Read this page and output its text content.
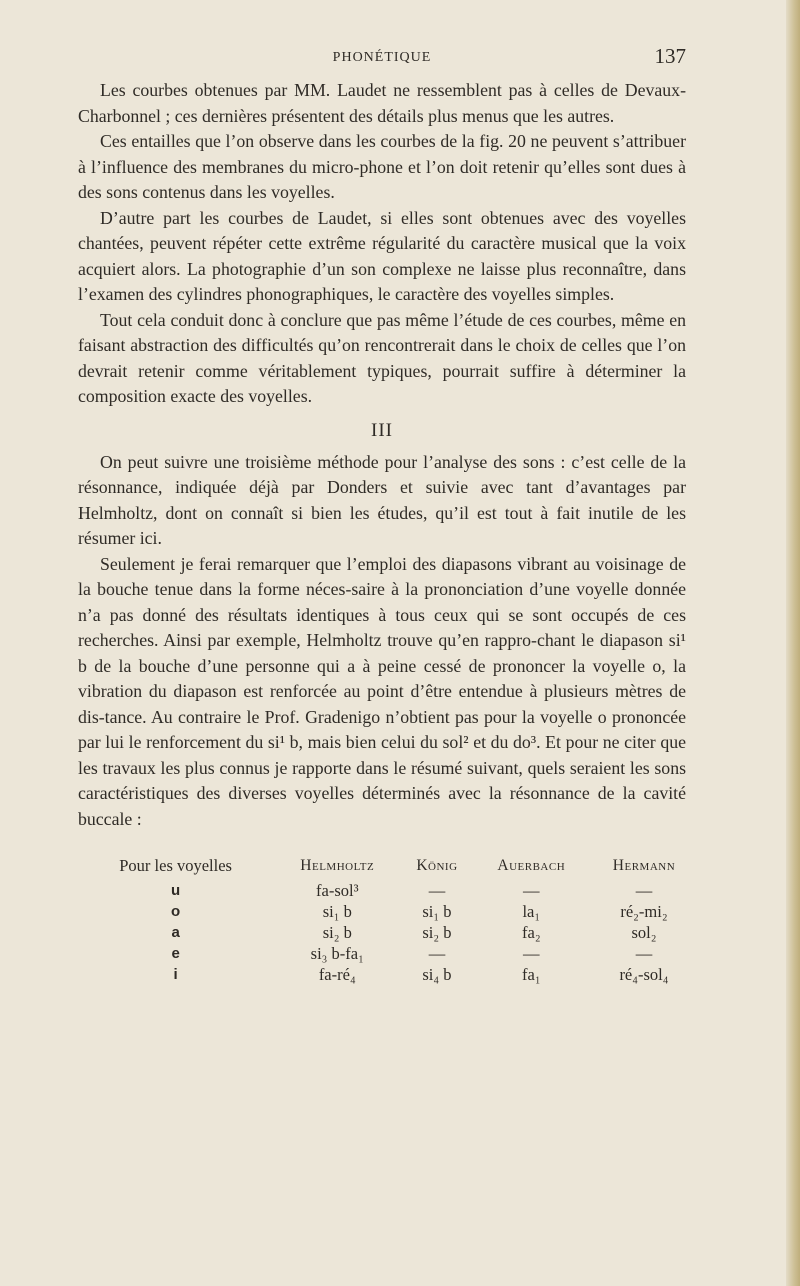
PHONÉTIQUE	137

Les courbes obtenues par MM. Laudet ne ressemblent pas à celles de Devaux-Charbonnel ; ces dernières présentent des détails plus menus que les autres.

Ces entailles que l’on observe dans les courbes de la fig. 20 ne peuvent s’attribuer à l’influence des membranes du micro-phone et l’on doit retenir qu’elles sont dues à des sons contenus dans les voyelles.

D’autre part les courbes de Laudet, si elles sont obtenues avec des voyelles chantées, peuvent répéter cette extrême régularité du caractère musical que la voix acquiert alors. La photographie d’un son complexe ne laisse plus reconnaître, dans l’examen des cylindres phonographiques, le caractère des voyelles simples.

Tout cela conduit donc à conclure que pas même l’étude de ces courbes, même en faisant abstraction des difficultés qu’on rencontrerait dans le choix de celles que l’on devrait retenir comme véritablement typiques, pourrait suffire à déterminer la composition exacte des voyelles.

III

On peut suivre une troisième méthode pour l’analyse des sons : c’est celle de la résonnance, indiquée déjà par Donders et suivie avec tant d’avantages par Helmholtz, dont on connaît si bien les études, qu’il est tout à fait inutile de les résumer ici.

Seulement je ferai remarquer que l’emploi des diapasons vibrant au voisinage de la bouche tenue dans la forme néces-saire à la prononciation d’une voyelle donnée n’a pas donné des résultats identiques à tous ceux qui se sont occupés de ces recherches. Ainsi par exemple, Helmholtz trouve qu’en rappro-chant le diapason si¹ b de la bouche d’une personne qui a à peine cessé de prononcer la voyelle o, la vibration du diapason est renforcée au point d’être entendue à plusieurs mètres de dis-tance. Au contraire le Prof. Gradenigo n’obtient pas pour la voyelle o prononcée par lui le renforcement du si¹ b, mais bien celui du sol² et du do³. Et pour ne citer que les travaux les plus connus je rapporte dans le résumé suivant, quels seraient les sons caractéristiques des diverses voyelles déterminés avec la résonnance de la cavité buccale :

Pour les voyelles	Helmholtz	König	Auerbach	Hermann
u	fa-sol³	—	—	—
o	si₁ b	si₁ b	la₁	ré₂-mi₂
a	si₂ b	si₂ b	fa₂	sol₂
e	si₃ b-fa₁	—	—	—
i	fa-ré₄	si₄ b	fa₁	ré₄-sol₄
